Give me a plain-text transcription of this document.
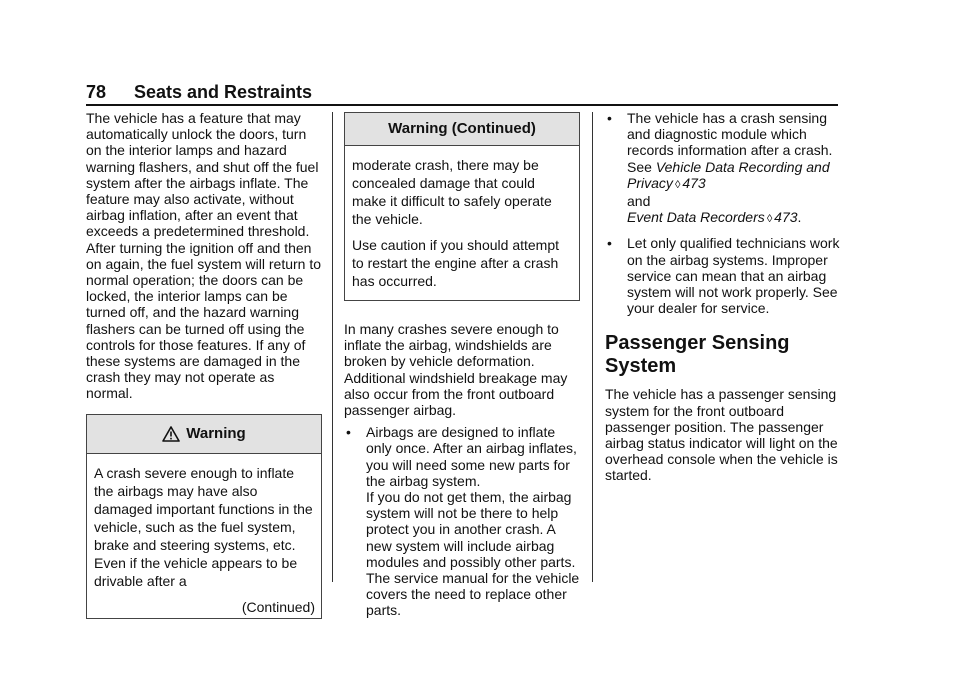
78 Seats and Restraints

The vehicle has a feature that may automatically unlock the doors, turn on the interior lamps and hazard warning flashers, and shut off the fuel system after the airbags inflate. The feature may also activate, without airbag inflation, after an event that exceeds a predetermined threshold. After turning the ignition off and then on again, the fuel system will return to normal operation; the doors can be locked, the interior lamps can be turned off, and the hazard warning flashers can be turned off using the controls for those features. If any of these systems are damaged in the crash they may not operate as normal.

Warning

A crash severe enough to inflate the airbags may have also damaged important functions in the vehicle, such as the fuel system, brake and steering systems, etc. Even if the vehicle appears to be drivable after a

(Continued)
Warning (Continued)

moderate crash, there may be concealed damage that could make it difficult to safely operate the vehicle.

Use caution if you should attempt to restart the engine after a crash has occurred.

In many crashes severe enough to inflate the airbag, windshields are broken by vehicle deformation. Additional windshield breakage may also occur from the front outboard passenger airbag.

• Airbags are designed to inflate only once. After an airbag inflates, you will need some new parts for the airbag system.
If you do not get them, the airbag system will not be there to help protect you in another crash. A new system will include airbag modules and possibly other parts. The service manual for the vehicle covers the need to replace other parts.
• The vehicle has a crash sensing and diagnostic module which records information after a crash. See Vehicle Data Recording and Privacy ◊ 473
and
Event Data Recorders ◊ 473.
• Let only qualified technicians work on the airbag systems. Improper service can mean that an airbag system will not work properly. See your dealer for service.
Passenger Sensing System

The vehicle has a passenger sensing system for the front outboard passenger position. The passenger airbag status indicator will light on the overhead console when the vehicle is started.
